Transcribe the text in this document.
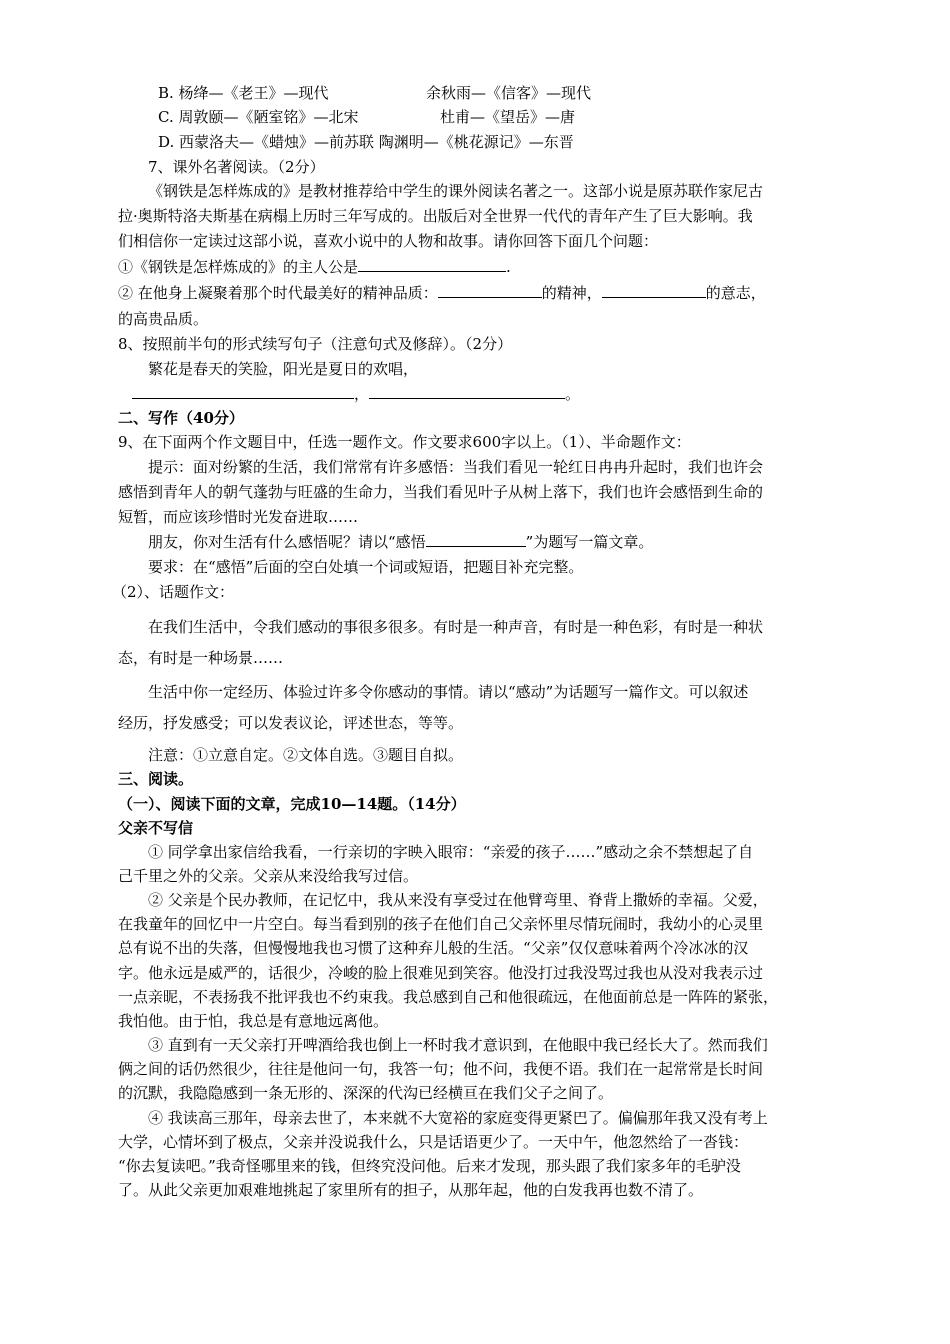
B. 杨绛—《老王》—现代	余秋雨—《信客》—现代
C. 周敦颐—《陋室铭》—北宋	杜甫—《望岳》—唐
D. 西蒙洛夫—《蜡烛》—前苏联 陶渊明—《桃花源记》—东晋
7、课外名著阅读。（2分）
《钢铁是怎样炼成的》是教材推荐给中学生的课外阅读名著之一。这部小说是原苏联作家尼古
拉·奥斯特洛夫斯基在病榻上历时三年写成的。出版后对全世界一代代的青年产生了巨大影响。我
们相信你一定读过这部小说，喜欢小说中的人物和故事。请你回答下面几个问题：
①《钢铁是怎样炼成的》的主人公是	.
② 在他身上凝聚着那个时代最美好的精神品质：	的精神，	的意志，
的高贵品质。
8、按照前半句的形式续写句子（注意句式及修辞）。（2分）
繁花是春天的笑脸，阳光是夏日的欢唱，
，	。
二、写作（40分）
9、在下面两个作文题目中，任选一题作文。作文要求600字以上。（1）、半命题作文：
提示：面对纷繁的生活，我们常常有许多感悟：当我们看见一轮红日冉冉升起时，我们也许会
感悟到青年人的朝气蓬勃与旺盛的生命力，当我们看见叶子从树上落下，我们也许会感悟到生命的
短暂，而应该珍惜时光发奋进取……
朋友，你对生活有什么感悟呢？请以“感悟	”为题写一篇文章。
要求：在“感悟”后面的空白处填一个词或短语，把题目补充完整。
（2）、话题作文：
在我们生活中，令我们感动的事很多很多。有时是一种声音，有时是一种色彩，有时是一种状
态，有时是一种场景……
生活中你一定经历、体验过许多令你感动的事情。请以“感动”为话题写一篇作文。可以叙述
经历，抒发感受；可以发表议论，评述世态，等等。
注意：①立意自定。②文体自选。③题目自拟。
三、阅读。
（一）、阅读下面的文章，完成10—14题。（14分）
父亲不写信
① 同学拿出家信给我看，一行亲切的字映入眼帘：“亲爱的孩子……”感动之余不禁想起了自
己千里之外的父亲。父亲从来没给我写过信。
② 父亲是个民办教师，在记忆中，我从来没有享受过在他臂弯里、脊背上撒娇的幸福。父爱，
在我童年的回忆中一片空白。每当看到别的孩子在他们自己父亲怀里尽情玩闹时，我幼小的心灵里
总有说不出的失落，但慢慢地我也习惯了这种弃儿般的生活。“父亲”仅仅意味着两个冷冰冰的汉
字。他永远是威严的，话很少，冷峻的脸上很难见到笑容。他没打过我没骂过我也从没对我表示过
一点亲昵，不表扬我不批评我也不约束我。我总感到自己和他很疏远，在他面前总是一阵阵的紧张，
我怕他。由于怕，我总是有意地远离他。
③ 直到有一天父亲打开啤酒给我也倒上一杯时我才意识到，在他眼中我已经长大了。然而我们
俩之间的话仍然很少，往往是他问一句，我答一句；他不问，我便不语。我们在一起常常是长时间
的沉默，我隐隐感到一条无形的、深深的代沟已经横亘在我们父子之间了。
④ 我读高三那年，母亲去世了，本来就不大宽裕的家庭变得更紧巴了。偏偏那年我又没有考上
大学，心情坏到了极点，父亲并没说我什么，只是话语更少了。一天中午，他忽然给了一沓钱：
“你去复读吧。”我奇怪哪里来的钱，但终究没问他。后来才发现，那头跟了我们家多年的毛驴没
了。从此父亲更加艰难地挑起了家里所有的担子，从那年起，他的白发我再也数不清了。
